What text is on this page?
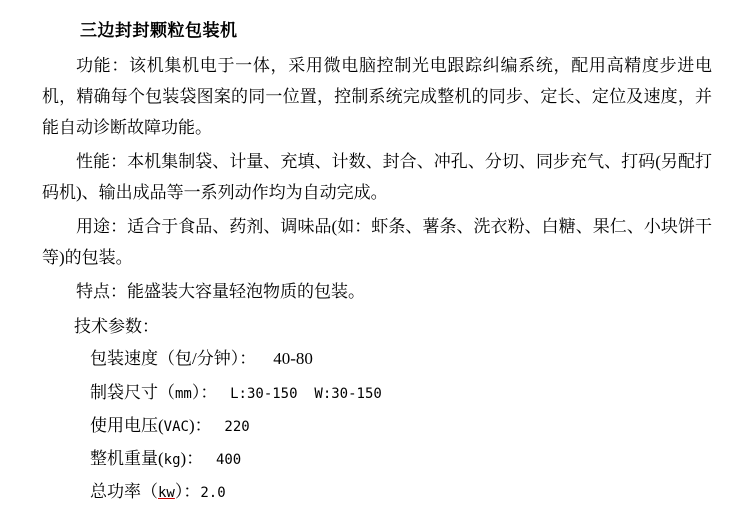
三边封封颗粒包装机

功能：该机集机电于一体，采用微电脑控制光电跟踪纠编系统，配用高精度步进电机，精确每个包装袋图案的同一位置，控制系统完成整机的同步、定长、定位及速度，并能自动诊断故障功能。

性能：本机集制袋、计量、充填、计数、封合、冲孔、分切、同步充气、打码(另配打码机)、输出成品等一系列动作均为自动完成。

用途：适合于食品、药剂、调味品(如：虾条、薯条、洗衣粉、白糖、果仁、小块饼干等)的包装。

特点：能盛装大容量轻泡物质的包装。

技术参数：

包装速度（包/分钟）： 40-80

制袋尺寸（mm）： L:30-150  W:30-150

使用电压(VAC)： 220

整机重量(kg)： 400

总功率（kw）：2.0
